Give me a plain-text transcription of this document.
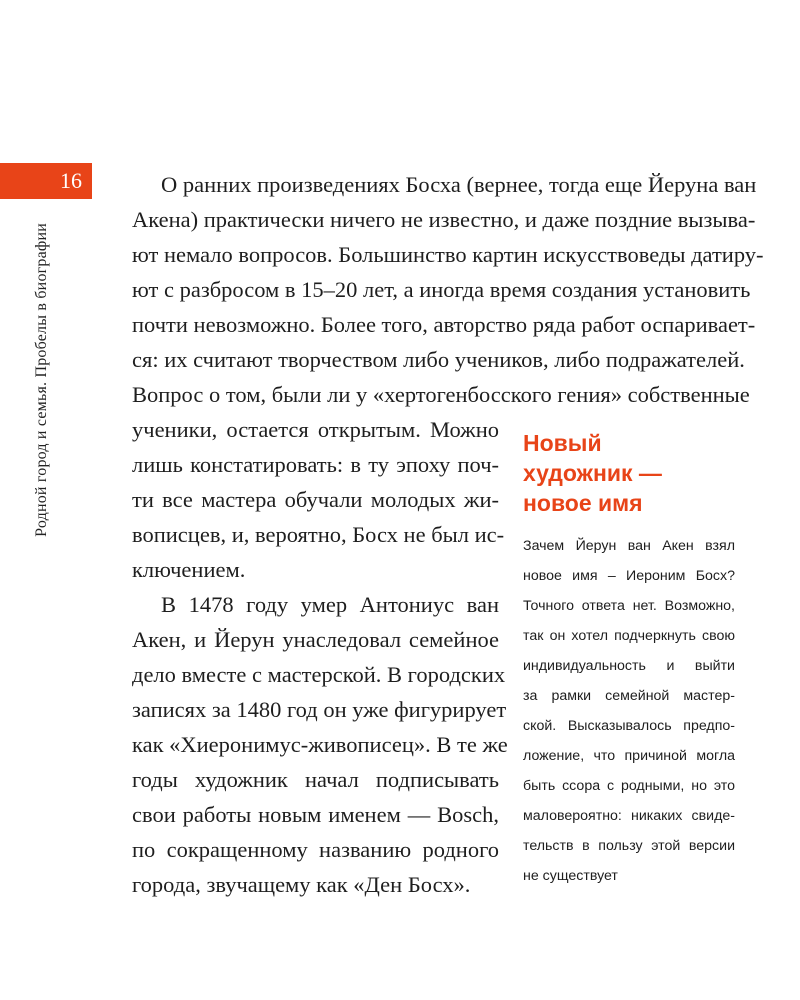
16
Родной город и семья. Пробелы в биографии
О ранних произведениях Босха (вернее, тогда еще Йеруна ван
Акена) практически ничего не известно, и даже поздние вызыва-
ют немало вопросов. Большинство картин искусствоведы датиру-
ют с разбросом в 15–20 лет, а иногда время создания установить
почти невозможно. Более того, авторство ряда работ оспаривает-
ся: их считают творчеством либо учеников, либо подражателей.
Вопрос о том, были ли у «хертогенбосского гения» собственные
ученики, остается открытым. Можно
лишь констатировать: в ту эпоху поч-
ти все мастера обучали молодых жи-
вописцев, и, вероятно, Босх не был ис-
ключением.
В 1478 году умер Антониус ван
Акен, и Йерун унаследовал семейное
дело вместе с мастерской. В городских
записях за 1480 год он уже фигурирует
как «Хиеронимус-живописец». В те же
годы художник начал подписывать
свои работы новым именем — Bosch,
по сокращенному названию родного
города, звучащему как «Ден Босх».
Новый
художник —
новое имя
Зачем Йерун ван Акен взял
новое имя – Иероним Босх?
Точного ответа нет. Возможно,
так он хотел подчеркнуть свою
индивидуальность и выйти
за рамки семейной мастер-
ской. Высказывалось предпо-
ложение, что причиной могла
быть ссора с родными, но это
маловероятно: никаких свиде-
тельств в пользу этой версии
не существует
